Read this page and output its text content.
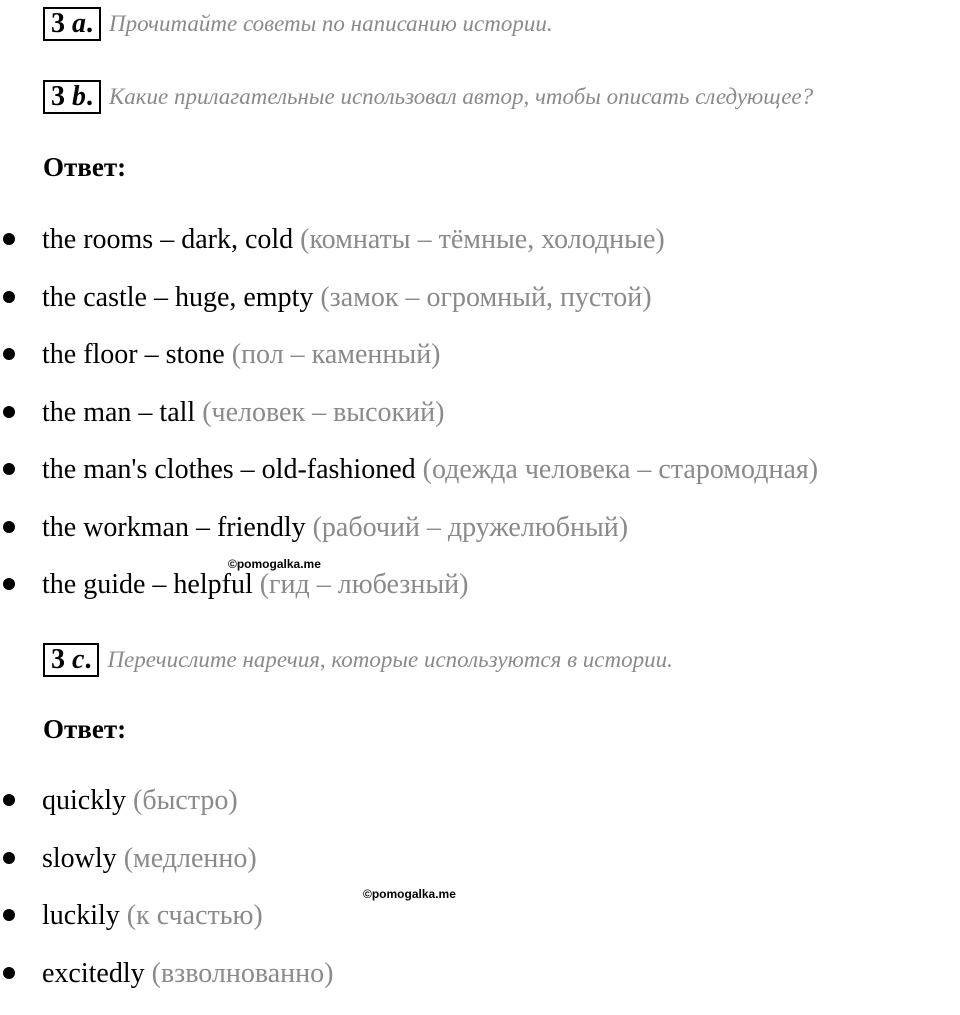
3 a. Прочитайте советы по написанию истории.
3 b. Какие прилагательные использовал автор, чтобы описать следующее?
Ответ:
the rooms – dark, cold (комнаты – тёмные, холодные)
the castle – huge, empty (замок – огромный, пустой)
the floor – stone (пол – каменный)
the man – tall (человек – высокий)
the man's clothes – old-fashioned (одежда человека – старомодная)
the workman – friendly (рабочий – дружелюбный)
the guide – helpful (гид – любезный)
©pomogalka.me
3 c. Перечислите наречия, которые используются в истории.
Ответ:
quickly (быстро)
slowly (медленно)
luckily (к счастью)
excitedly (взволнованно)
©pomogalka.me
